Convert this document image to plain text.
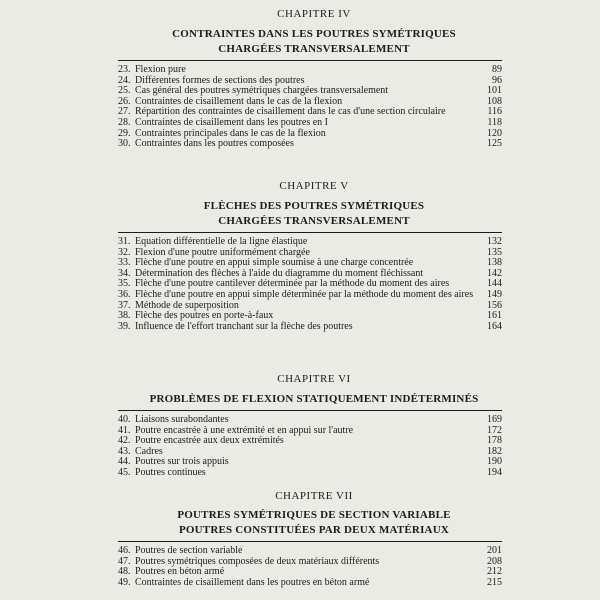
CHAPITRE IV
CONTRAINTES DANS LES POUTRES SYMÉTRIQUES
CHARGÉES TRANSVERSALEMENT
23. Flexion pure	89
24. Différentes formes de sections des poutres	96
25. Cas général des poutres symétriques chargées transversalement	101
26. Contraintes de cisaillement dans le cas de la flexion	108
27. Répartition des contraintes de cisaillement dans le cas d'une section circulaire	116
28. Contraintes de cisaillement dans les poutres en I	118
29. Contraintes principales dans le cas de la flexion	120
30. Contraintes dans les poutres composées	125
CHAPITRE V
FLÈCHES DES POUTRES SYMÉTRIQUES
CHARGÉES TRANSVERSALEMENT
31. Equation différentielle de la ligne élastique	132
32. Flexion d'une poutre uniformément chargée	135
33. Flèche d'une poutre en appui simple soumise à une charge concentrée	138
34. Détermination des flèches à l'aide du diagramme du moment fléchissant	142
35. Flèche d'une poutre cantilever déterminée par la méthode du moment des aires	144
36. Flèche d'une poutre en appui simple déterminée par la méthode du moment des aires	149
37. Méthode de superposition	156
38. Flèche des poutres en porte-à-faux	161
39. Influence de l'effort tranchant sur la flèche des poutres	164
CHAPITRE VI
PROBLÈMES DE FLEXION STATIQUEMENT INDÉTERMINÉS
40. Liaisons surabondantes	169
41. Poutre encastrée à une extrémité et en appui sur l'autre	172
42. Poutre encastrée aux deux extrémités	178
43. Cadres	182
44. Poutres sur trois appuis	190
45. Poutres continues	194
CHAPITRE VII
POUTRES SYMÉTRIQUES DE SECTION VARIABLE
POUTRES CONSTITUÉES PAR DEUX MATÉRIAUX
46. Poutres de section variable	201
47. Poutres symétriques composées de deux matériaux différents	208
48. Poutres en béton armé	212
49. Contraintes de cisaillement dans les poutres en béton armé	215
